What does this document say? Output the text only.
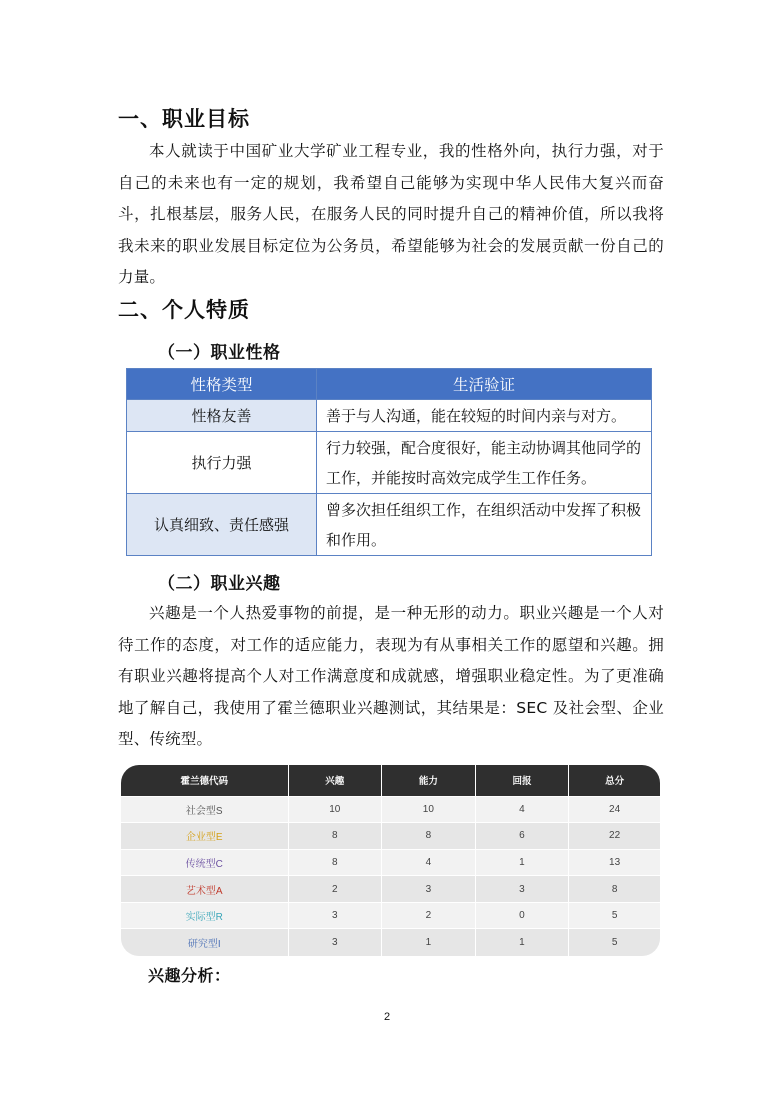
一、职业目标
本人就读于中国矿业大学矿业工程专业，我的性格外向，执行力强，对于自己的未来也有一定的规划，我希望自己能够为实现中华人民伟大复兴而奋斗，扎根基层，服务人民，在服务人民的同时提升自己的精神价值，所以我将我未来的职业发展目标定位为公务员，希望能够为社会的发展贡献一份自己的力量。
二、个人特质
（一）职业性格
性格类型	生活验证
性格友善	善于与人沟通，能在较短的时间内亲与对方。
执行力强	行力较强，配合度很好，能主动协调其他同学的工作，并能按时高效完成学生工作任务。
认真细致、责任感强	曾多次担任组织工作，在组织活动中发挥了积极和作用。
（二）职业兴趣
兴趣是一个人热爱事物的前提，是一种无形的动力。职业兴趣是一个人对待工作的态度，对工作的适应能力，表现为有从事相关工作的愿望和兴趣。拥有职业兴趣将提高个人对工作满意度和成就感，增强职业稳定性。为了更准确地了解自己，我使用了霍兰德职业兴趣测试，其结果是：SEC 及社会型、企业型、传统型。
霍兰德代码	兴趣	能力	回报	总分
社会型S	10	10	4	24
企业型E	8	8	6	22
传统型C	8	4	1	13
艺术型A	2	3	3	8
实际型R	3	2	0	5
研究型I	3	1	1	5
兴趣分析：
2
